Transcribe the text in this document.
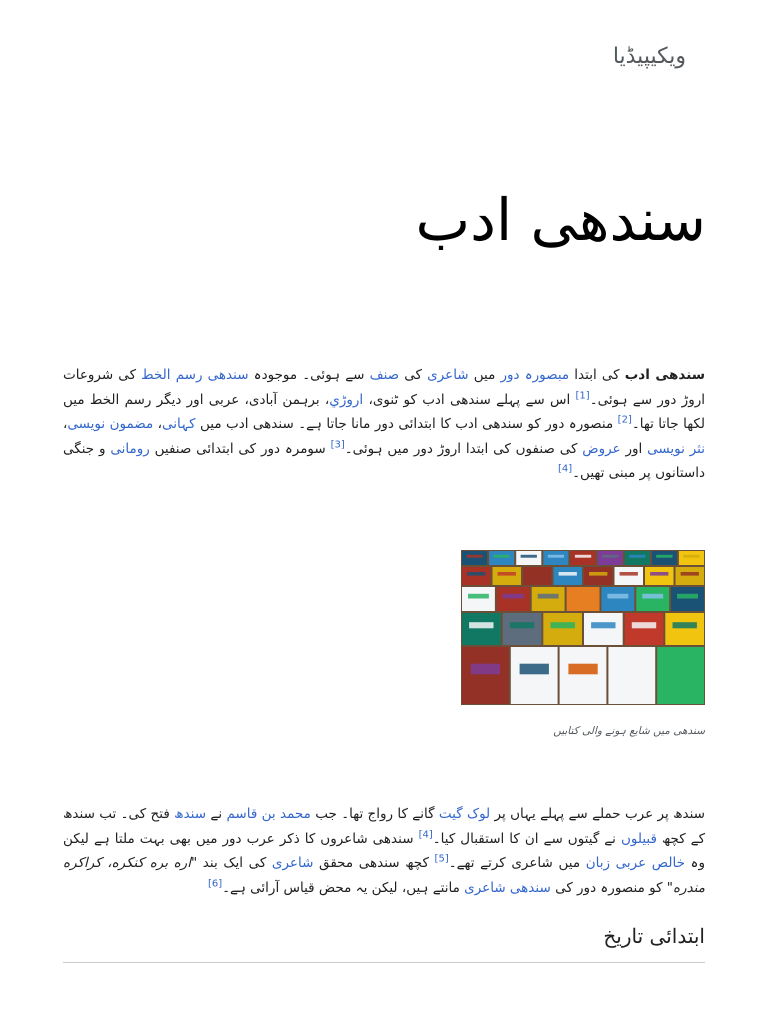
ویکیپیڈیا
سندھی ادب

سندھی ادب کی ابتدا مبصورہ دور میں شاعری کی صنف سے ہوئی۔ موجودہ سندھی رسم الخط کی شروعات اروڑ دور سے ہوئی۔[1] اس سے پہلے سندھی ادب کو ٹنوی، اروڑي، برہمن آبادی، عربی اور دیگر رسم الخط میں لکھا جاتا تھا۔[2] منصورہ دور کو سندھی ادب کا ابتدائی دور مانا جاتا ہے۔ سندھی ادب میں کہانی، مضمون نویسی، نثر نویسی اور عروض کی صنفوں کی ابتدا اروڑ دور میں ہوئی۔[3] سومرہ دور کی ابتدائی صنفیں رومانی و جنگی داستانوں پر مبنی تھیں۔[4]

سندھی میں شایع ہونے والی کتابیں

سندھ پر عرب حملے سے پہلے یہاں پر لوک گیت گانے کا رواج تھا۔ جب محمد بن قاسم نے سندھ فتح کی۔ تب سندھ کے کچھ قبیلوں نے گیتوں سے ان کا استقبال کیا۔[4] سندھی شاعروں کا ذکر عرب دور میں بھی بہت ملتا ہے لیکن وہ خالص عربی زبان میں شاعری کرتے تھے۔[5] کچھ سندھی محقق شاعری کی ایک بند "اره بره کنکره، کراکره مندره" کو منصورہ دور کی سندھی شاعری مانتے ہیں، لیکن یہ محض قیاس آرائی ہے۔[6]

ابتدائی تاریخ
